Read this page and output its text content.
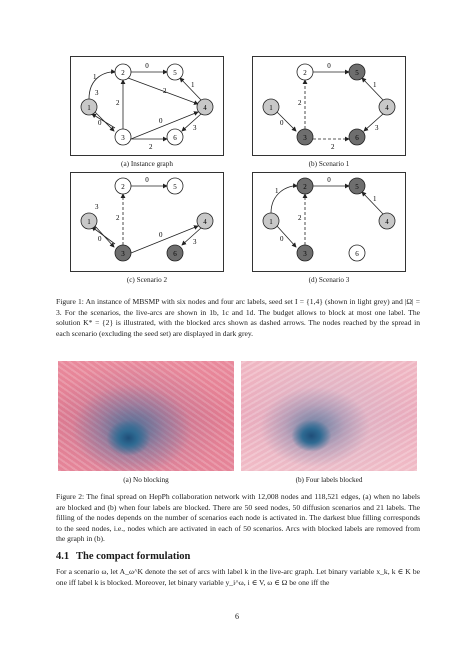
0
1
3
0
2
2
0
1
3
2
2	5
1	4
3	6
(a) Instance graph
0
0
2
1
3
2
2	5
1	4
3	6
(b) Scenario 1
0
3
0
2
0
3
2	5
1	4
3	6
(c) Scenario 2
0
1
0
2
1
2	5
1	4
3	6
(d) Scenario 3
Figure 1: An instance of MBSMP with six nodes and four arc labels, seed set I = {1,4} (shown in light grey) and |Ω| = 3. For the scenarios, the live-arcs are shown in 1b, 1c and 1d. The budget allows to block at most one label. The solution K* = {2} is illustrated, with the blocked arcs shown as dashed arrows. The nodes reached by the spread in each scenario (excluding the seed set) are displayed in dark grey.
(a) No blocking	(b) Four labels blocked
Figure 2: The final spread on HepPh collaboration network with 12,008 nodes and 118,521 edges, (a) when no labels are blocked and (b) when four labels are blocked. There are 50 seed nodes, 50 diffusion scenarios and 21 labels. The filling of the nodes depends on the number of scenarios each node is activated in. The darkest blue filling corresponds to the seed nodes, i.e., nodes which are activated in each of 50 scenarios. Arcs with blocked labels are removed from the graph in (b).
4.1 The compact formulation
For a scenario ω, let A_ω^K denote the set of arcs with label k in the live-arc graph. Let binary variable x_k, k ∈ K be one iff label k is blocked. Moreover, let binary variable y_i^ω, i ∈ V, ω ∈ Ω be one iff the
6
